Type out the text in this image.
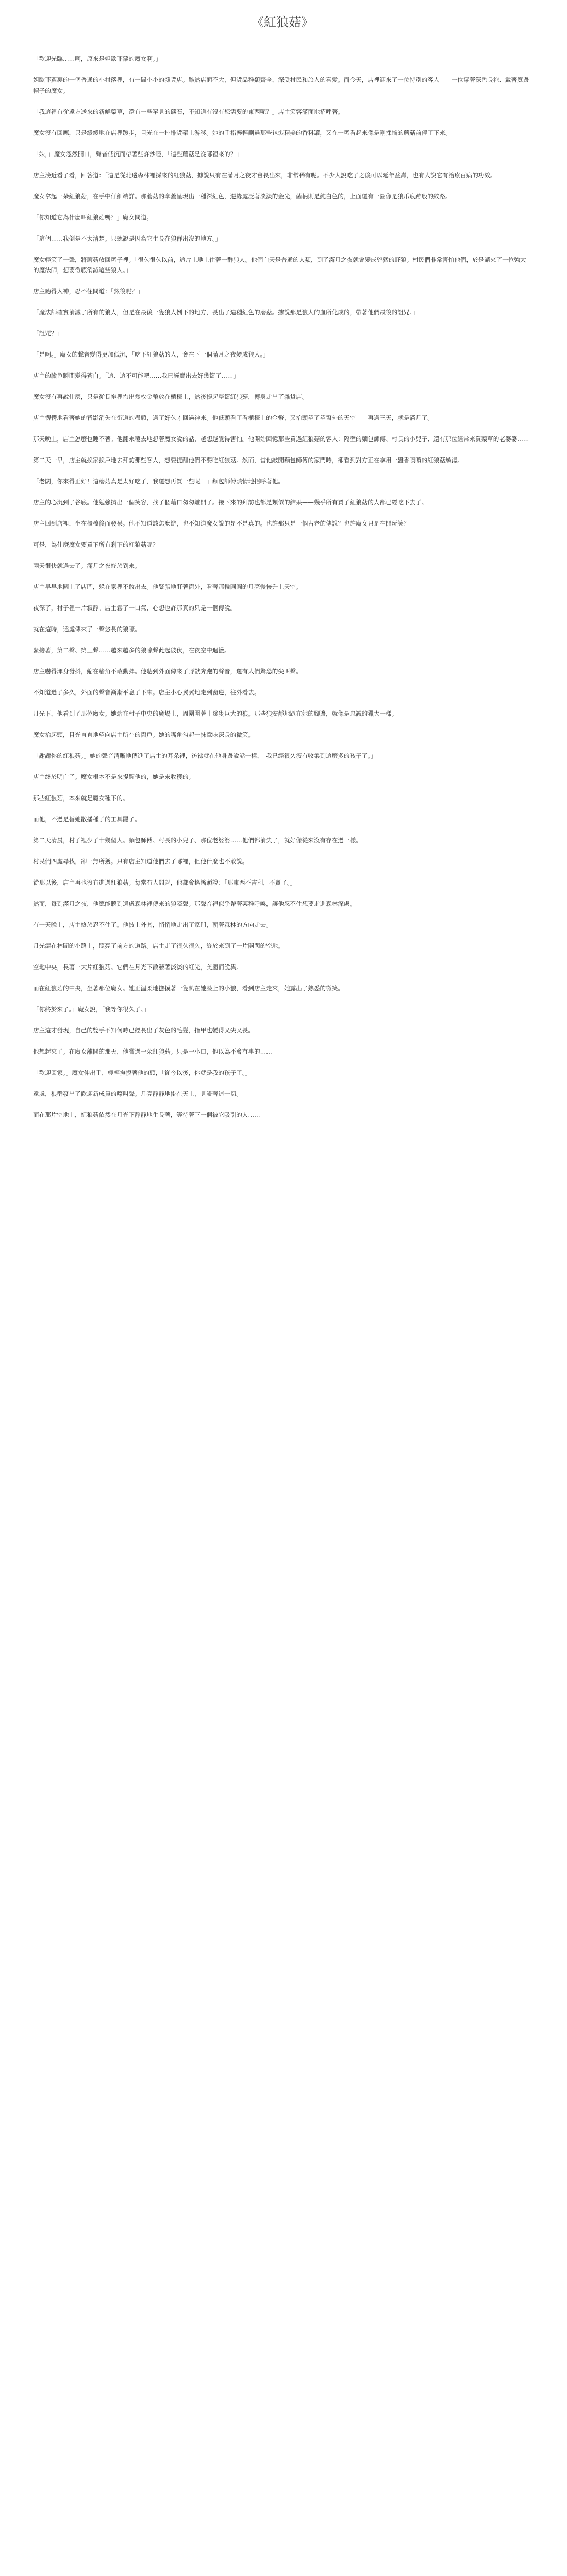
《紅狼菇》

「歡迎光臨……啊，原來是妲歐菲蘿的魔女啊。」

妲歐菲蘿裏的一個普通的小村落裡，有一間小小的雜貨店。雖然店面不大，但貨品種類齊全，深受村民和旅人的喜愛。而今天，店裡迎來了一位特別的客人——一位穿著深色長袍、戴著寬邊帽子的魔女。

「我這裡有從遠方送來的新鮮藥草，還有一些罕見的礦石，不知道有沒有您需要的東西呢？」店主笑容滿面地招呼著。

魔女沒有回應，只是緩緩地在店裡踱步，目光在一排排貨架上游移。她的手指輕輕劃過那些包裝精美的香料罐，又在一籃看起來像是剛採摘的蘑菇前停了下來。

「妹，」魔女忽然開口，聲音低沉而帶著些許沙啞，「這些蘑菇是從哪裡來的？」

店主湊近看了看，回答道：「這是從北邊森林裡採來的紅狼菇，據說只有在滿月之夜才會長出來，非常稀有呢。不少人說吃了之後可以延年益壽，也有人說它有治療百病的功效。」

魔女拿起一朵紅狼菇，在手中仔細端詳。那蘑菇的傘蓋呈現出一種深紅色，邊緣處泛著淡淡的金光，菌柄則是純白色的，上面還有一圈像是狼爪痕跡般的紋路。

「你知道它為什麼叫紅狼菇嗎？」魔女問道。

「這個……我倒是不太清楚。只聽說是因為它生長在狼群出沒的地方。」

魔女輕笑了一聲，將蘑菇放回籃子裡。「很久很久以前，這片土地上住著一群狼人。他們白天是普通的人類，到了滿月之夜就會變成兇猛的野狼。村民們非常害怕他們，於是請來了一位強大的魔法師，想要徹底消滅這些狼人。」

店主聽得入神，忍不住問道：「然後呢？」

「魔法師確實消滅了所有的狼人，但是在最後一隻狼人倒下的地方，長出了這種紅色的蘑菇。據說那是狼人的血所化成的，帶著他們最後的詛咒。」

「詛咒？」

「是啊。」魔女的聲音變得更加低沉，「吃下紅狼菇的人，會在下一個滿月之夜變成狼人。」

店主的臉色瞬間變得蒼白。「這、這不可能吧……我已經賣出去好幾籃了……」

魔女沒有再說什麼，只是從長袍裡掏出幾枚金幣放在櫃檯上，然後提起整籃紅狼菇，轉身走出了雜貨店。

店主愣愣地看著她的背影消失在街道的盡頭，過了好久才回過神來。他低頭看了看櫃檯上的金幣，又抬頭望了望窗外的天空——再過三天，就是滿月了。

那天晚上，店主怎麼也睡不著。他翻來覆去地想著魔女說的話，越想越覺得害怕。他開始回憶那些買過紅狼菇的客人：隔壁的麵包師傅、村長的小兒子、還有那位經常來買藥草的老婆婆……

第二天一早，店主就挨家挨戶地去拜訪那些客人，想要提醒他們不要吃紅狼菇。然而，當他敲開麵包師傅的家門時，卻看到對方正在享用一盤香噴噴的紅狼菇燉湯。

「老闆，你來得正好！這蘑菇真是太好吃了，我還想再買一些呢！」麵包師傅熱情地招呼著他。

店主的心沉到了谷底。他勉強擠出一個笑容，找了個藉口匆匆離開了。接下來的拜訪也都是類似的結果——幾乎所有買了紅狼菇的人都已經吃下去了。

店主回到店裡，坐在櫃檯後面發呆。他不知道該怎麼辦，也不知道魔女說的是不是真的。也許那只是一個古老的傳說？也許魔女只是在開玩笑？

可是，為什麼魔女要買下所有剩下的紅狼菇呢？

兩天很快就過去了。滿月之夜終於到來。

店主早早地關上了店門，躲在家裡不敢出去。他緊張地盯著窗外，看著那輪圓圓的月亮慢慢升上天空。

夜深了，村子裡一片寂靜。店主鬆了一口氣，心想也許那真的只是一個傳說。

就在這時，遠處傳來了一聲悠長的狼嚎。

緊接著，第二聲、第三聲……越來越多的狼嚎聲此起彼伏，在夜空中迴盪。

店主嚇得渾身發抖，縮在牆角不敢動彈。他聽到外面傳來了野獸奔跑的聲音，還有人們驚恐的尖叫聲。

不知道過了多久，外面的聲音漸漸平息了下來。店主小心翼翼地走到窗邊，往外看去。

月光下，他看到了那位魔女。她站在村子中央的廣場上，周圍圍著十幾隻巨大的狼。那些狼安靜地趴在她的腳邊，就像是忠誠的獵犬一樣。

魔女抬起頭，目光直直地望向店主所在的窗戶。她的嘴角勾起一抹意味深長的微笑。

「謝謝你的紅狼菇。」她的聲音清晰地傳進了店主的耳朵裡，彷彿就在他身邊說話一樣，「我已經很久沒有收集到這麼多的孩子了。」

店主終於明白了。魔女根本不是來提醒他的，她是來收穫的。

那些紅狼菇，本來就是魔女種下的。

而他，不過是替她散播種子的工具罷了。

第二天清晨，村子裡少了十幾個人。麵包師傅、村長的小兒子、那位老婆婆……他們都消失了，就好像從來沒有存在過一樣。

村民們四處尋找，卻一無所獲。只有店主知道他們去了哪裡，但他什麼也不敢說。

從那以後，店主再也沒有進過紅狼菇。每當有人問起，他都會搖搖頭說：「那東西不吉利，不賣了。」

然而，每到滿月之夜，他總能聽到遠處森林裡傳來的狼嚎聲。那聲音裡似乎帶著某種呼喚，讓他忍不住想要走進森林深處。

有一天晚上，店主終於忍不住了。他披上外套，悄悄地走出了家門，朝著森林的方向走去。

月光灑在林間的小路上，照亮了前方的道路。店主走了很久很久，終於來到了一片開闊的空地。

空地中央，長著一大片紅狼菇。它們在月光下散發著淡淡的紅光，美麗而詭異。

而在紅狼菇的中央，坐著那位魔女。她正溫柔地撫摸著一隻趴在她膝上的小狼，看到店主走來，她露出了熟悉的微笑。

「你終於來了。」魔女說，「我等你很久了。」

店主這才發現，自己的雙手不知何時已經長出了灰色的毛髮，指甲也變得又尖又長。

他想起來了。在魔女離開的那天，他嘗過一朵紅狼菇。只是一小口，他以為不會有事的……

「歡迎回家。」魔女伸出手，輕輕撫摸著他的頭，「從今以後，你就是我的孩子了。」

遠處，狼群發出了歡迎新成員的嚎叫聲。月亮靜靜地掛在天上，見證著這一切。

而在那片空地上，紅狼菇依然在月光下靜靜地生長著，等待著下一個被它吸引的人……
